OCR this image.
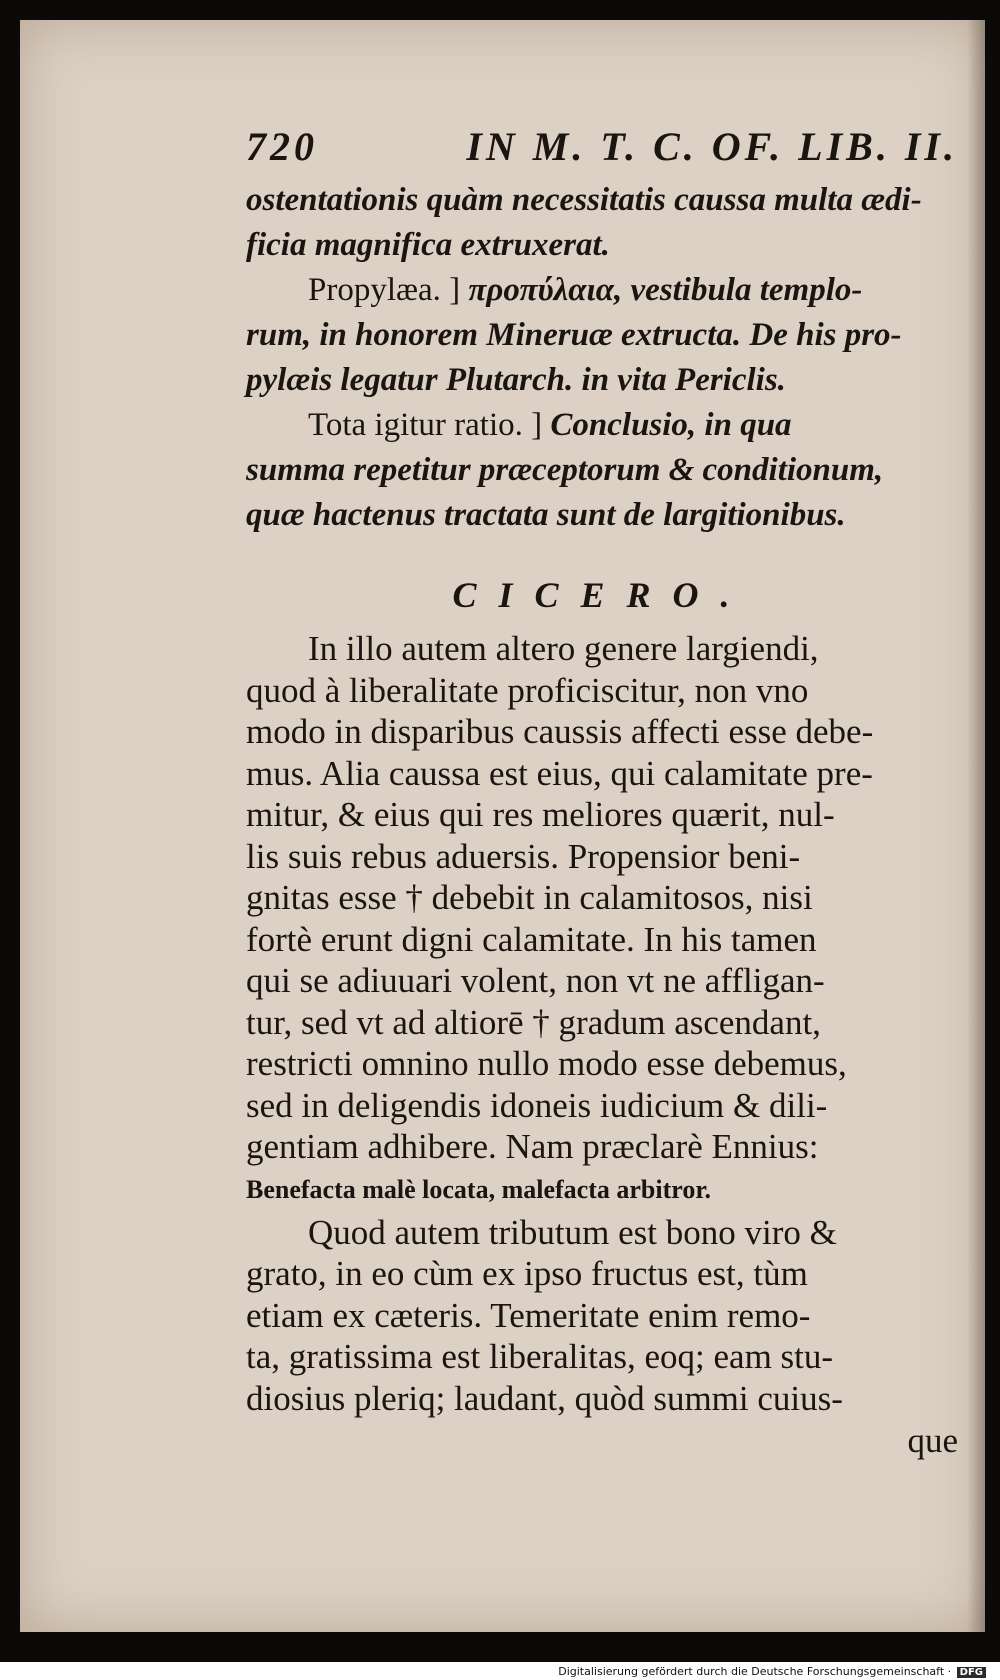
720	IN M. T. C. OF. LIB. II.

ostentationis quàm necessitatis caussa multa ædi-

ficia magnifica extruxerat.

Propylæa. ] προπύλαια, vestibula templo-

rum, in honorem Mineruæ extructa. De his pro-

pylæis legatur Plutarch. in vita Periclis.

Tota igitur ratio. ] Conclusio, in qua

summa repetitur præceptorum & conditionum,

quæ hactenus tractata sunt de largitionibus.

CICERO.

In illo autem altero genere largiendi,

quod à liberalitate proficiscitur, non vno

modo in disparibus caussis affecti esse debe-

mus. Alia caussa est eius, qui calamitate pre-

mitur, & eius qui res meliores quærit, nul-

lis suis rebus aduersis. Propensior beni-

gnitas esse † debebit in calamitosos, nisi

fortè erunt digni calamitate. In his tamen

qui se adiuuari volent, non vt ne affligan-

tur, sed vt ad altiorē † gradum ascendant,

restricti omnino nullo modo esse debemus,

sed in deligendis idoneis iudicium & dili-

gentiam adhibere. Nam præclarè Ennius:

Benefacta malè locata, malefacta arbitror.

Quod autem tributum est bono viro &

grato, in eo cùm ex ipso fructus est, tùm

etiam ex cæteris. Temeritate enim remo-

ta, gratissima est liberalitas, eoq; eam stu-

diosius pleriq; laudant, quòd summi cuius-

que
Digitalisierung gefördert durch die Deutsche Forschungsgemeinschaft · DFG
